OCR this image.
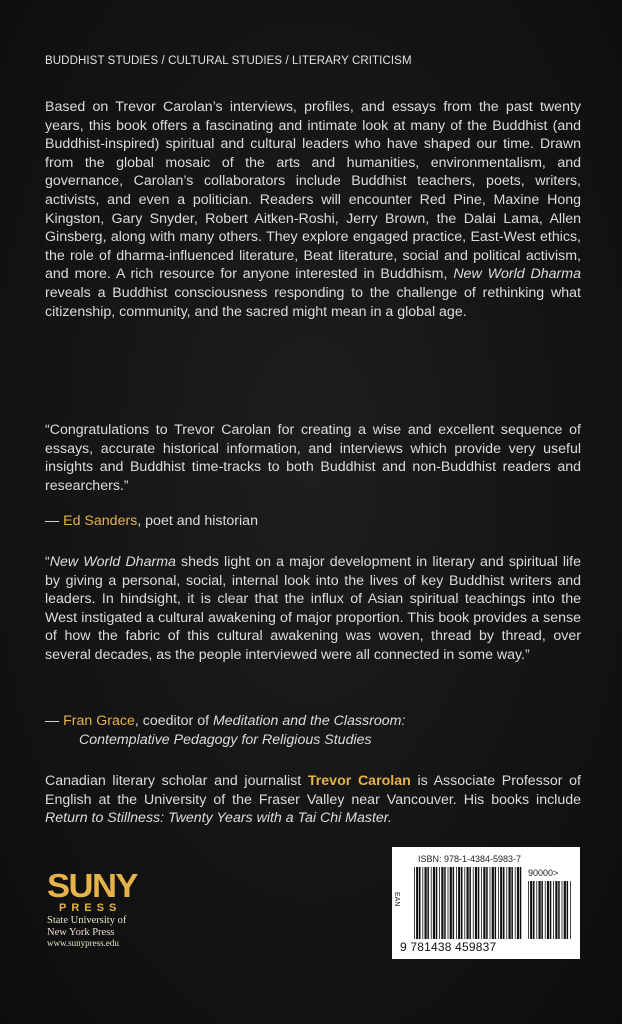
BUDDHIST STUDIES / CULTURAL STUDIES / LITERARY CRITICISM
Based on Trevor Carolan’s interviews, profiles, and essays from the past twenty years, this book offers a fascinating and intimate look at many of the Buddhist (and Buddhist-inspired) spiritual and cultural leaders who have shaped our time. Drawn from the global mosaic of the arts and humanities, environmentalism, and governance, Carolan’s collaborators include Buddhist teachers, poets, writers, activists, and even a politician. Readers will encounter Red Pine, Maxine Hong Kingston, Gary Snyder, Robert Aitken-Roshi, Jerry Brown, the Dalai Lama, Allen Ginsberg, along with many others. They explore engaged practice, East-West ethics, the role of dharma-influenced literature, Beat literature, social and political activism, and more. A rich resource for anyone interested in Buddhism, New World Dharma reveals a Buddhist consciousness responding to the challenge of rethinking what citizenship, community, and the sacred might mean in a global age.
“Congratulations to Trevor Carolan for creating a wise and excellent sequence of essays, accurate historical information, and interviews which provide very useful insights and Buddhist time-tracks to both Buddhist and non-Buddhist readers and researchers.”
— Ed Sanders, poet and historian
“New World Dharma sheds light on a major development in literary and spiritual life by giving a personal, social, internal look into the lives of key Buddhist writers and leaders. In hindsight, it is clear that the influx of Asian spiritual teachings into the West instigated a cultural awakening of major proportion. This book provides a sense of how the fabric of this cultural awakening was woven, thread by thread, over several decades, as the people interviewed were all connected in some way.”
— Fran Grace, coeditor of Meditation and the Classroom:
Contemplative Pedagogy for Religious Studies
Canadian literary scholar and journalist Trevor Carolan is Associate Professor of English at the University of the Fraser Valley near Vancouver. His books include Return to Stillness: Twenty Years with a Tai Chi Master.
SUNY
PRESS
State University of
New York Press
www.sunypress.edu
ISBN: 978-1-4384-5983-7
90000>
EAN
9 781438 459837
